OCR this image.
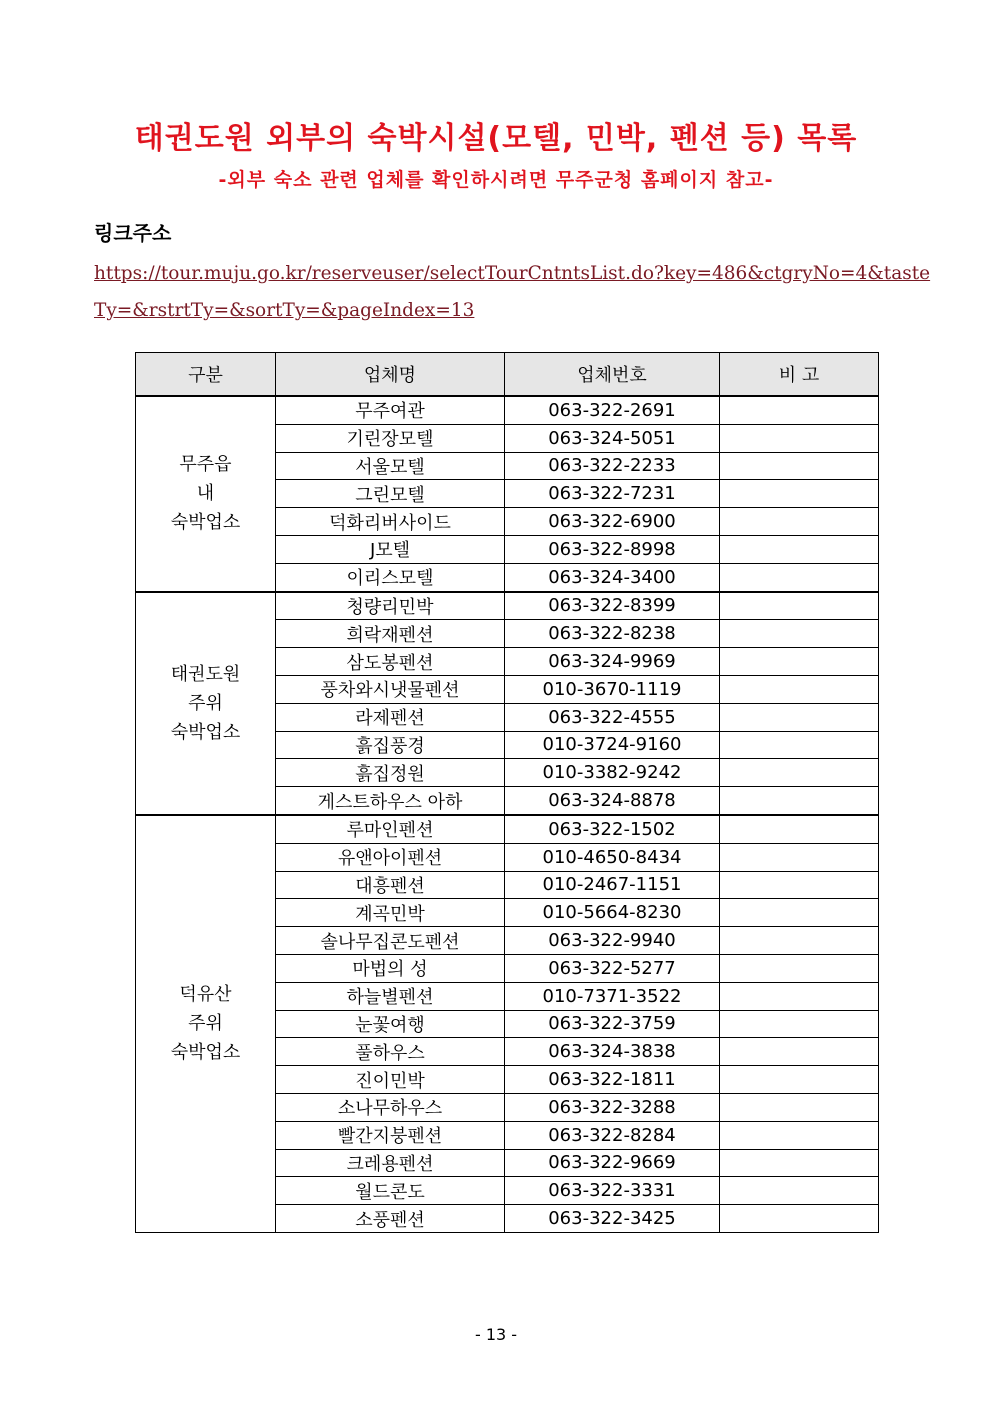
태권도원 외부의 숙박시설(모텔, 민박, 펜션 등) 목록
-외부 숙소 관련 업체를 확인하시려면 무주군청 홈페이지 참고-
링크주소
https://tour.muju.go.kr/reserveuser/selectTourCntntsList.do?key=486&ctgryNo=4&tasteTy=&rstrtTy=&sortTy=&pageIndex=13
구분	업체명	업체번호	비 고

무주읍
내
숙박업소	무주여관	063-322-2691	
	기린장모텔	063-324-5051	
	서울모텔	063-322-2233	
	그린모텔	063-322-7231	
	덕화리버사이드	063-322-6900	
	J모텔	063-322-8998	
	이리스모텔	063-324-3400	

태권도원
주위
숙박업소	청량리민박	063-322-8399	
	희락재펜션	063-322-8238	
	삼도봉펜션	063-324-9969	
	풍차와시냇물펜션	010-3670-1119	
	라제펜션	063-322-4555	
	흙집풍경	010-3724-9160	
	흙집정원	010-3382-9242	
	게스트하우스 아하	063-324-8878	

덕유산
주위
숙박업소	루마인펜션	063-322-1502	
	유앤아이펜션	010-4650-8434	
	대흥펜션	010-2467-1151	
	계곡민박	010-5664-8230	
	솔나무집콘도펜션	063-322-9940	
	마법의 성	063-322-5277	
	하늘별펜션	010-7371-3522	
	눈꽃여행	063-322-3759	
	풀하우스	063-324-3838	
	진이민박	063-322-1811	
	소나무하우스	063-322-3288	
	빨간지붕펜션	063-322-8284	
	크레용펜션	063-322-9669	
	월드콘도	063-322-3331	
	소풍펜션	063-322-3425	
- 13 -
